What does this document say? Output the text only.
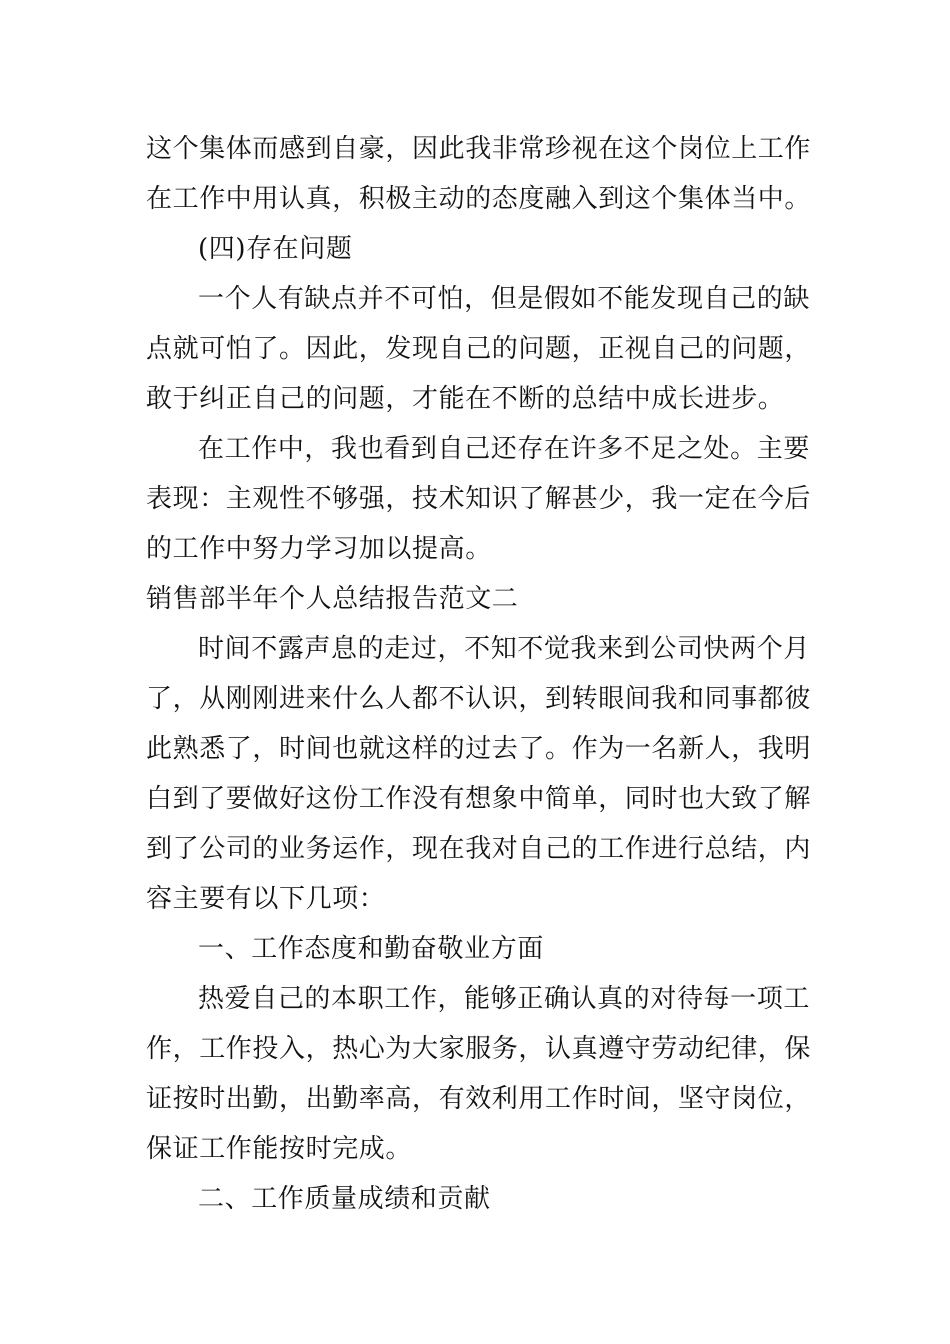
这个集体而感到自豪，因此我非常珍视在这个岗位上工作
在工作中用认真，积极主动的态度融入到这个集体当中。
(四)存在问题
一个人有缺点并不可怕，但是假如不能发现自己的缺
点就可怕了。因此，发现自己的问题，正视自己的问题，
敢于纠正自己的问题，才能在不断的总结中成长进步。
在工作中，我也看到自己还存在许多不足之处。主要
表现：主观性不够强，技术知识了解甚少，我一定在今后
的工作中努力学习加以提高。
销售部半年个人总结报告范文二
时间不露声息的走过，不知不觉我来到公司快两个月
了，从刚刚进来什么人都不认识，到转眼间我和同事都彼
此熟悉了，时间也就这样的过去了。作为一名新人，我明
白到了要做好这份工作没有想象中简单，同时也大致了解
到了公司的业务运作，现在我对自己的工作进行总结，内
容主要有以下几项：
一、工作态度和勤奋敬业方面
热爱自己的本职工作，能够正确认真的对待每一项工
作，工作投入，热心为大家服务，认真遵守劳动纪律，保
证按时出勤，出勤率高，有效利用工作时间，坚守岗位，
保证工作能按时完成。
二、工作质量成绩和贡献
